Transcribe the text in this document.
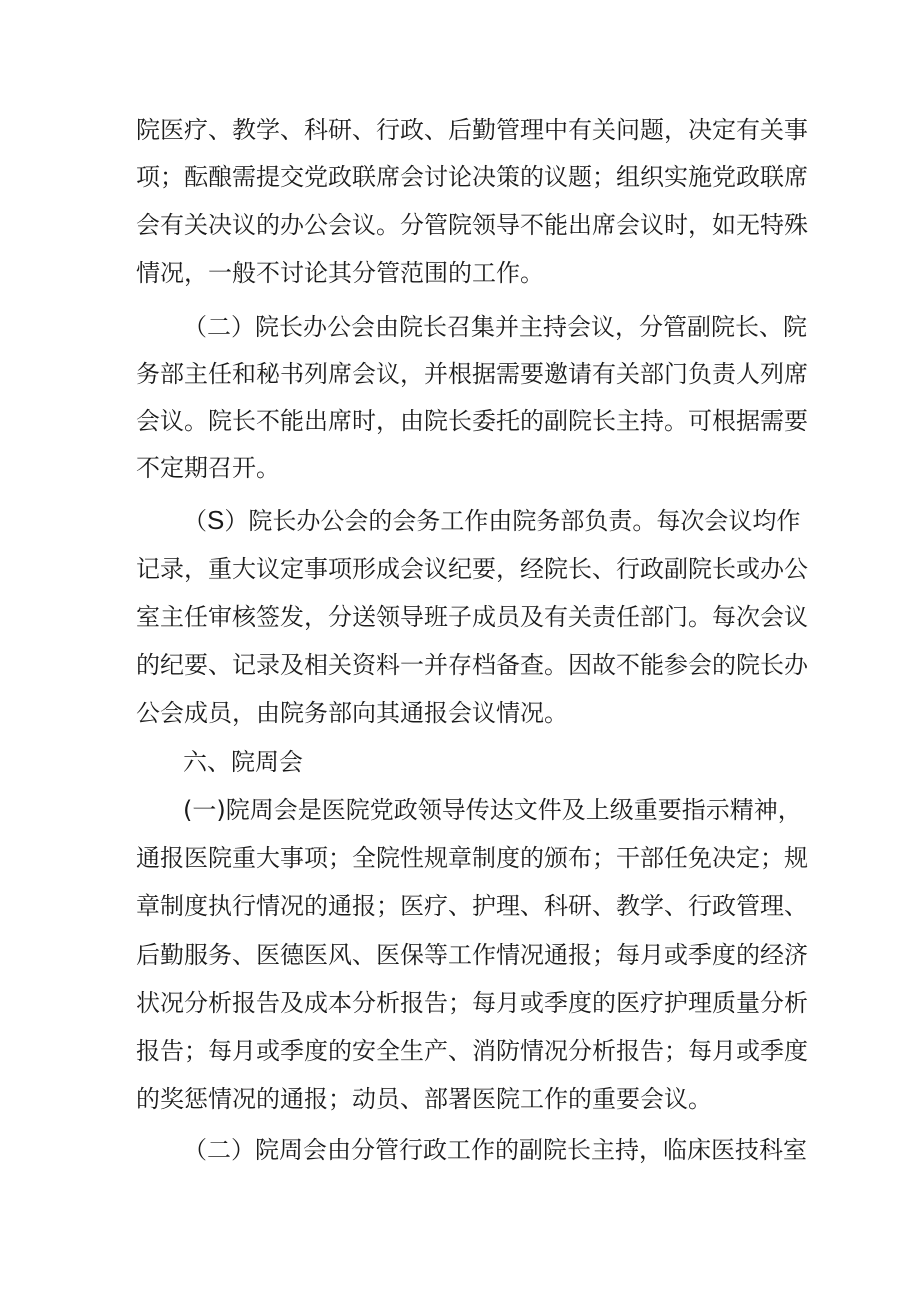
院医疗、教学、科研、行政、后勤管理中有关问题，决定有关事
项；酝酿需提交党政联席会讨论决策的议题；组织实施党政联席
会有关决议的办公会议。分管院领导不能出席会议时，如无特殊
情况，一般不讨论其分管范围的工作。
（二）院长办公会由院长召集并主持会议，分管副院长、院
务部主任和秘书列席会议，并根据需要邀请有关部门负责人列席
会议。院长不能出席时，由院长委托的副院长主持。可根据需要
不定期召开。
（S）院长办公会的会务工作由院务部负责。每次会议均作
记录，重大议定事项形成会议纪要，经院长、行政副院长或办公
室主任审核签发，分送领导班子成员及有关责任部门。每次会议
的纪要、记录及相关资料一并存档备查。因故不能参会的院长办
公会成员，由院务部向其通报会议情况。
六、院周会
(一)院周会是医院党政领导传达文件及上级重要指示精神，
通报医院重大事项；全院性规章制度的颁布；干部任免决定；规
章制度执行情况的通报；医疗、护理、科研、教学、行政管理、
后勤服务、医德医风、医保等工作情况通报；每月或季度的经济
状况分析报告及成本分析报告；每月或季度的医疗护理质量分析
报告；每月或季度的安全生产、消防情况分析报告；每月或季度
的奖惩情况的通报；动员、部署医院工作的重要会议。
（二）院周会由分管行政工作的副院长主持，临床医技科室
